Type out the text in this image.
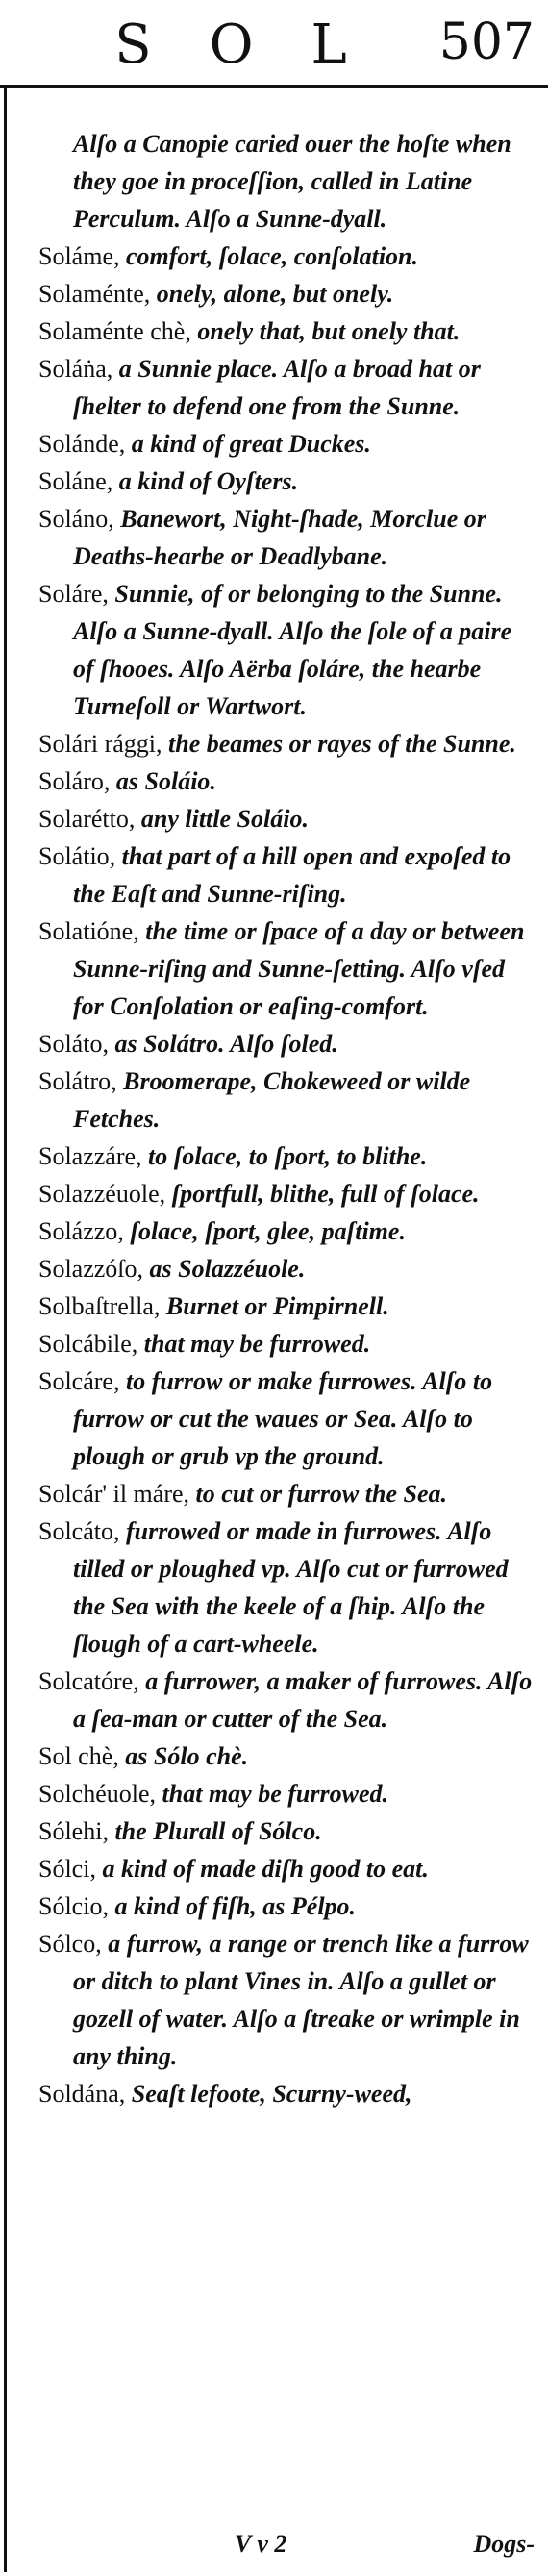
SOL 507

Alſo a Canopie caried ouer the hoſte when they goe in proceſſion, called in Latine Perculum. Alſo a Sunne-dyall.

Soláme, comfort, ſolace, conſolation.

Solaménte, onely, alone, but onely.

Solaménte chè, onely that, but onely that.

Soláṅa, a Sunnie place. Alſo a broad hat or ſhelter to defend one from the Sunne.

Solánde, a kind of great Duckes.

Soláne, a kind of Oyſters.

Soláno, Banewort, Night-ſhade, Morclue or Deaths-hearbe or Deadlybane.

Soláre, Sunnie, of or belonging to the Sunne. Alſo a Sunne-dyall. Alſo the ſole of a paire of ſhooes. Alſo Aërba ſoláre, the hearbe Turneſoll or Wartwort.

Solári rággi, the beames or rayes of the Sunne.

Soláro, as Soláio.

Solarétto, any little Soláio.

Solátio, that part of a hill open and expoſed to the Eaſt and Sunne-riſing.

Solatióne, the time or ſpace of a day or between Sunne-riſing and Sunne-ſetting. Alſo vſed for Conſolation or eaſing-comfort.

Soláto, as Solátro. Alſo ſoled.

Solátro, Broomerape, Chokeweed or wilde Fetches.

Solazzáre, to ſolace, to ſport, to blithe.

Solazzéuole, ſportfull, blithe, full of ſolace.

Solázzo, ſolace, ſport, glee, paſtime.

Solazzóſo, as Solazzéuole.

Solbaſtrella, Burnet or Pimpirnell.

Solcábile, that may be furrowed.

Solcáre, to furrow or make furrowes. Alſo to furrow or cut the waues or Sea. Alſo to plough or grub vp the ground.

Solcár' il máre, to cut or furrow the Sea.

Solcáto, furrowed or made in furrowes. Alſo tilled or ploughed vp. Alſo cut or furrowed the Sea with the keele of a ſhip. Alſo the ſlough of a cart-wheele.

Solcatóre, a furrower, a maker of furrowes. Alſo a ſea-man or cutter of the Sea.

Sol chè, as Sólo chè.

Solchéuole, that may be furrowed.

Sólehi, the Plurall of Sólco.

Sólci, a kind of made diſh good to eat.

Sólcio, a kind of fiſh, as Pélpo.

Sólco, a furrow, a range or trench like a furrow or ditch to plant Vines in. Alſo a gullet or gozell of water. Alſo a ſtreake or wrimple in any thing.

Soldána, Seaſt lefoote, Scurny-weed,

V v 2	Dogs-
